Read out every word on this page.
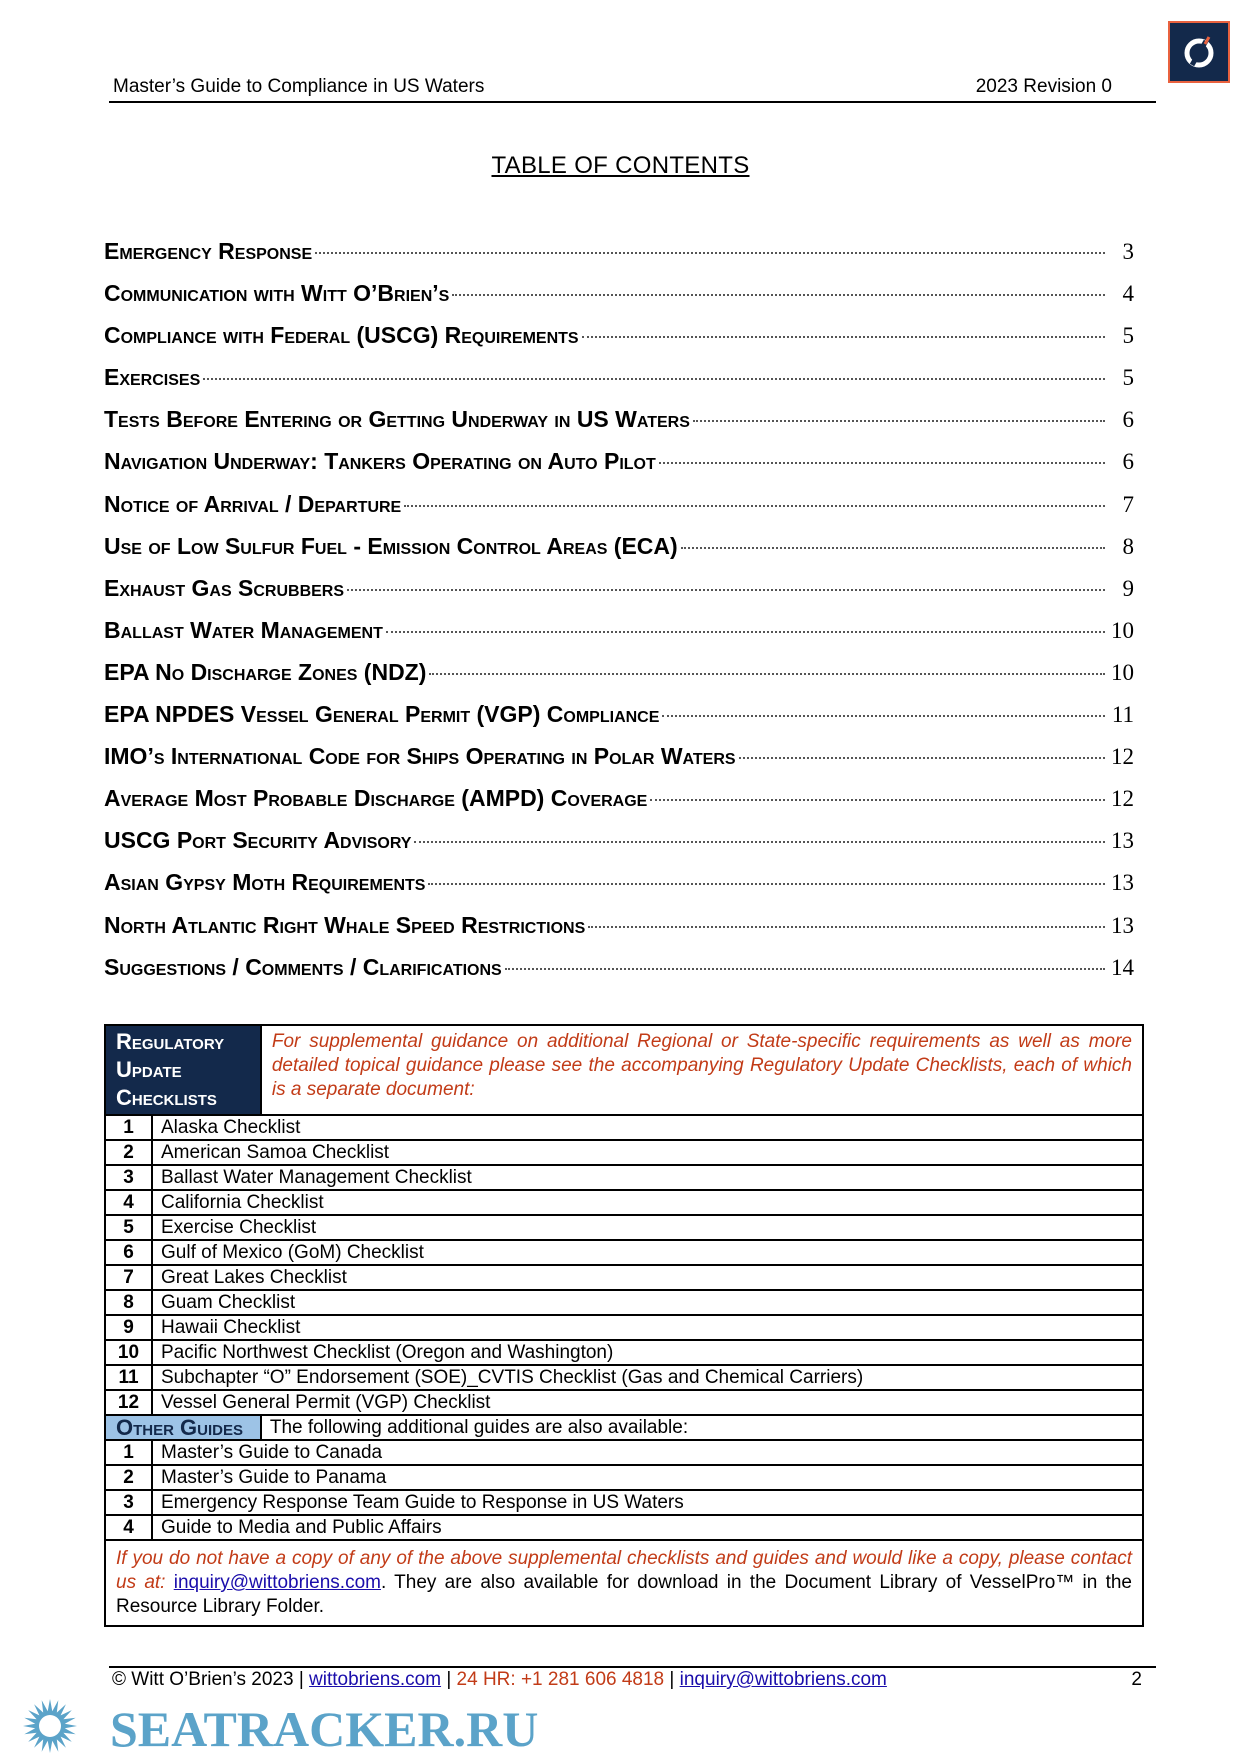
Master’s Guide to Compliance in US Waters	2023 Revision 0
TABLE OF CONTENTS
Emergency Response	3
Communication with Witt O’Brien’s	4
Compliance with Federal (USCG) Requirements	5
Exercises	5
Tests Before Entering or Getting Underway in US Waters	6
Navigation Underway: Tankers Operating on Auto Pilot	6
Notice of Arrival / Departure	7
Use of Low Sulfur Fuel - Emission Control Areas (ECA)	8
Exhaust Gas Scrubbers	9
Ballast Water Management	10
EPA No Discharge Zones (NDZ)	10
EPA NPDES Vessel General Permit (VGP) Compliance	11
IMO’s International Code for Ships Operating in Polar Waters	12
Average Most Probable Discharge (AMPD) Coverage	12
USCG Port Security Advisory	13
Asian Gypsy Moth Requirements	13
North Atlantic Right Whale Speed Restrictions	13
Suggestions / Comments / Clarifications	14
Regulatory Update Checklists		For supplemental guidance on additional Regional or State-specific requirements as well as more detailed topical guidance please see the accompanying Regulatory Update Checklists, each of which is a separate document:
1	Alaska Checklist	
2	American Samoa Checklist	
3	Ballast Water Management Checklist	
4	California Checklist	
5	Exercise Checklist	
6	Gulf of Mexico (GoM) Checklist	
7	Great Lakes Checklist	
8	Guam Checklist	
9	Hawaii Checklist	
10	Pacific Northwest Checklist (Oregon and Washington)	
11	Subchapter “O” Endorsement (SOE)_CVTIS Checklist (Gas and Chemical Carriers)	
12	Vessel General Permit (VGP) Checklist	
Other Guides		The following additional guides are also available:
1	Master’s Guide to Canada	
2	Master’s Guide to Panama	
3	Emergency Response Team Guide to Response in US Waters	
4	Guide to Media and Public Affairs	
If you do not have a copy of any of the above supplemental checklists and guides and would like a copy, please contact us at: inquiry@wittobriens.com. They are also available for download in the Document Library of VesselPro™ in the Resource Library Folder.		
© Witt O’Brien’s 2023 | wittobriens.com | 24 HR: +1 281 606 4818 | inquiry@wittobriens.com	2
SEATRACKER.RU
